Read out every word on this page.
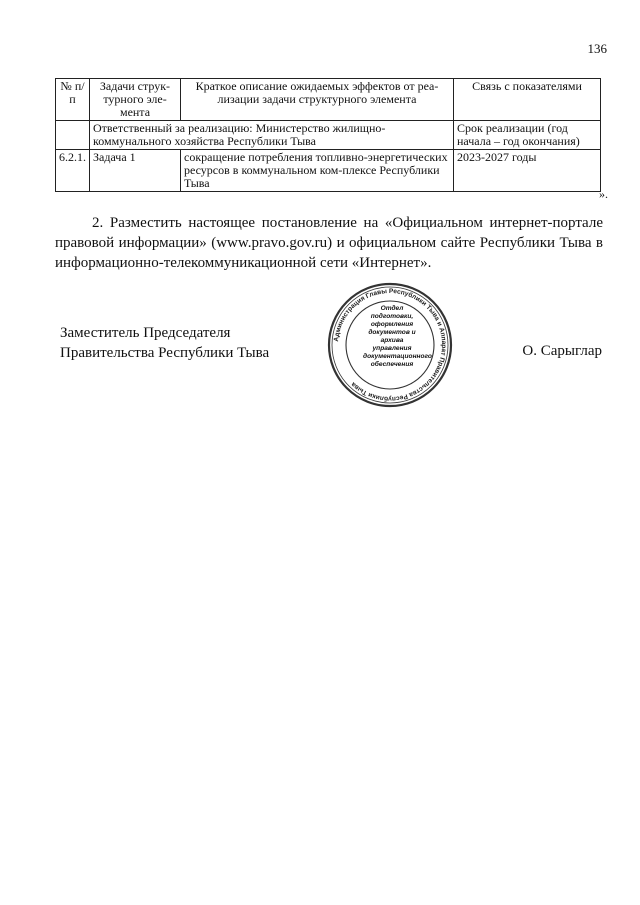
136
№ п/п	Задачи струк-турного эле-мента	Краткое описание ожидаемых эффектов от реа-лизации задачи структурного элемента	Связь с показателями
	Ответственный за реализацию: Министерство жилищно-коммунального хозяйства Республики Тыва		Срок реализации (год начала – год окончания)
6.2.1.	Задача 1	сокращение потребления топливно-энергетических ресурсов в коммунальном ком-плексе Республики Тыва	2023-2027 годы
».
2. Разместить настоящее постановление на «Официальном интернет-портале правовой информации» (www.pravo.gov.ru) и официальном сайте Республики Тыва в информационно-телекоммуникационной сети «Интернет».
Заместитель Председателя
Правительства Республики Тыва
Администрация Главы Республики Тыва и Аппарат Правительства Республики Тыва
Отдел подготовки, оформления документов и архива управления документационного обеспечения
О. Сарыглар
